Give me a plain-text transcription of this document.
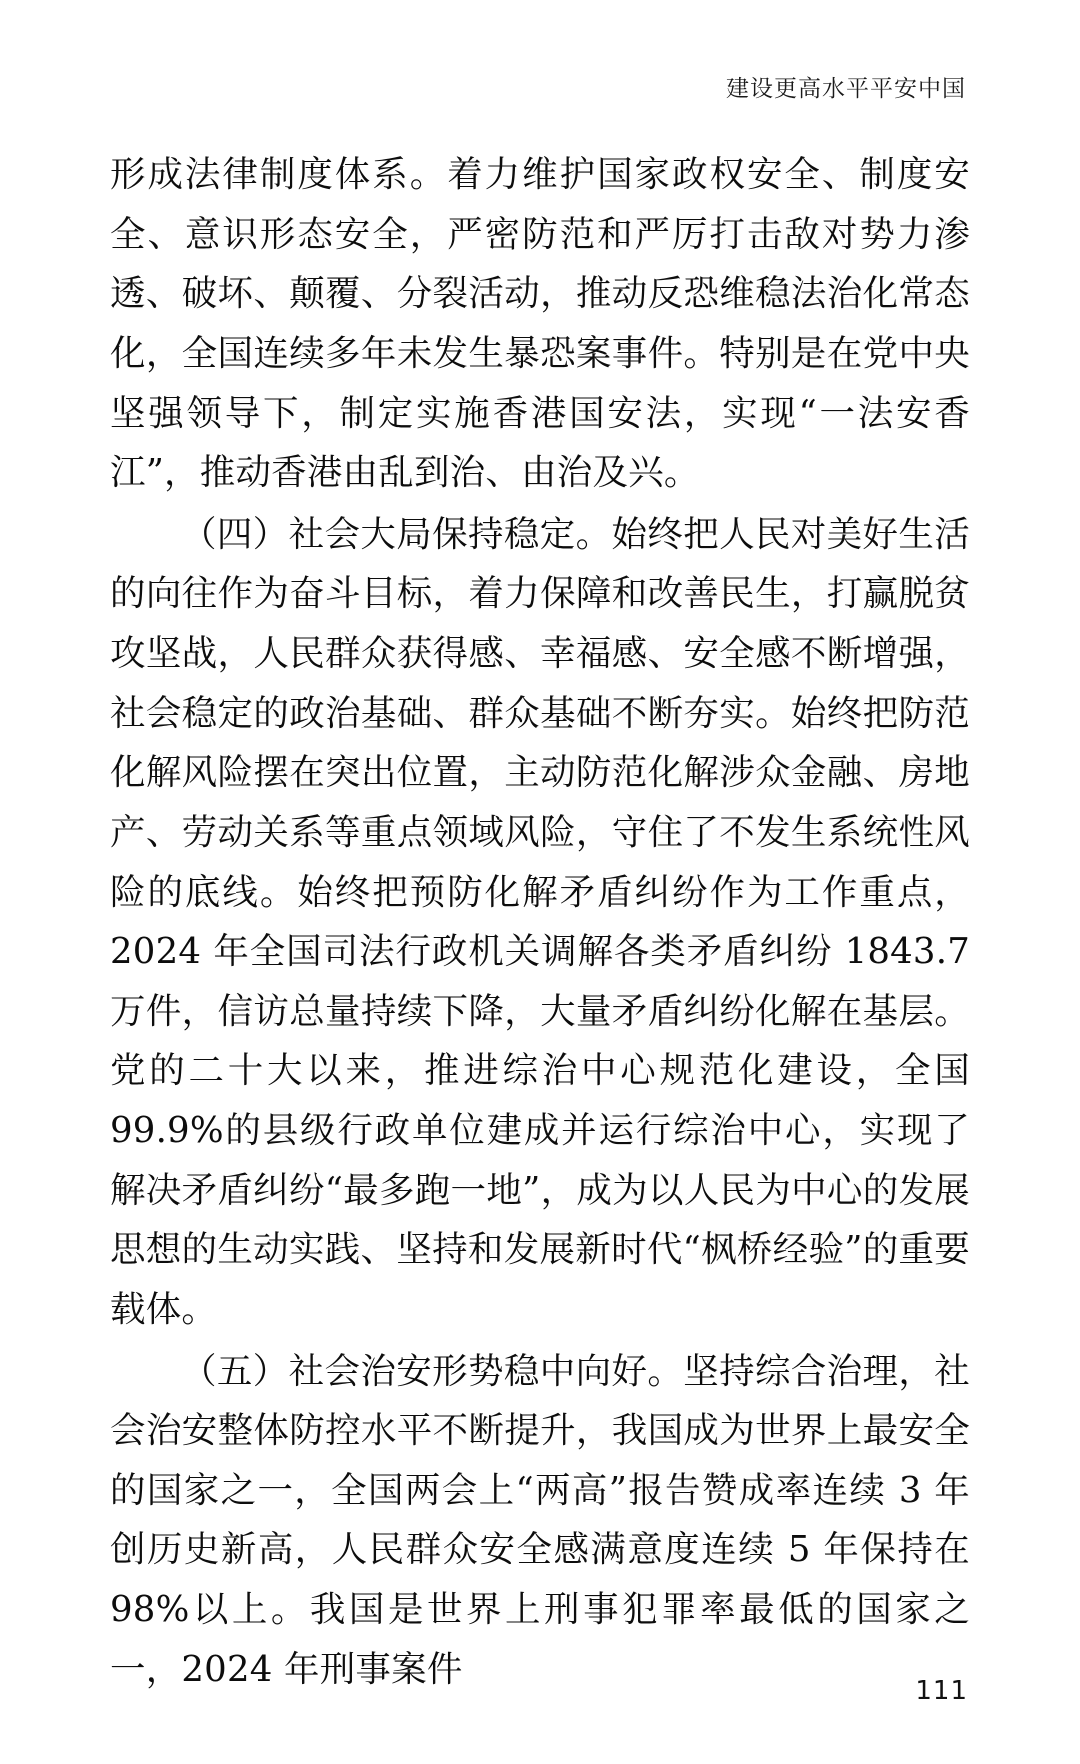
建设更高水平平安中国

形成法律制度体系。着力维护国家政权安全、制度安全、意识形态安全，严密防范和严厉打击敌对势力渗透、破坏、颠覆、分裂活动，推动反恐维稳法治化常态化，全国连续多年未发生暴恐案事件。特别是在党中央坚强领导下，制定实施香港国安法，实现“一法安香江”，推动香港由乱到治、由治及兴。

（四）社会大局保持稳定。始终把人民对美好生活的向往作为奋斗目标，着力保障和改善民生，打赢脱贫攻坚战，人民群众获得感、幸福感、安全感不断增强，社会稳定的政治基础、群众基础不断夯实。始终把防范化解风险摆在突出位置，主动防范化解涉众金融、房地产、劳动关系等重点领域风险，守住了不发生系统性风险的底线。始终把预防化解矛盾纠纷作为工作重点，2024 年全国司法行政机关调解各类矛盾纠纷 1843.7 万件，信访总量持续下降，大量矛盾纠纷化解在基层。党的二十大以来，推进综治中心规范化建设，全国 99.9%的县级行政单位建成并运行综治中心，实现了解决矛盾纠纷“最多跑一地”，成为以人民为中心的发展思想的生动实践、坚持和发展新时代“枫桥经验”的重要载体。

（五）社会治安形势稳中向好。坚持综合治理，社会治安整体防控水平不断提升，我国成为世界上最安全的国家之一，全国两会上“两高”报告赞成率连续 3 年创历史新高，人民群众安全感满意度连续 5 年保持在 98%以上。我国是世界上刑事犯罪率最低的国家之一，2024 年刑事案件

111
